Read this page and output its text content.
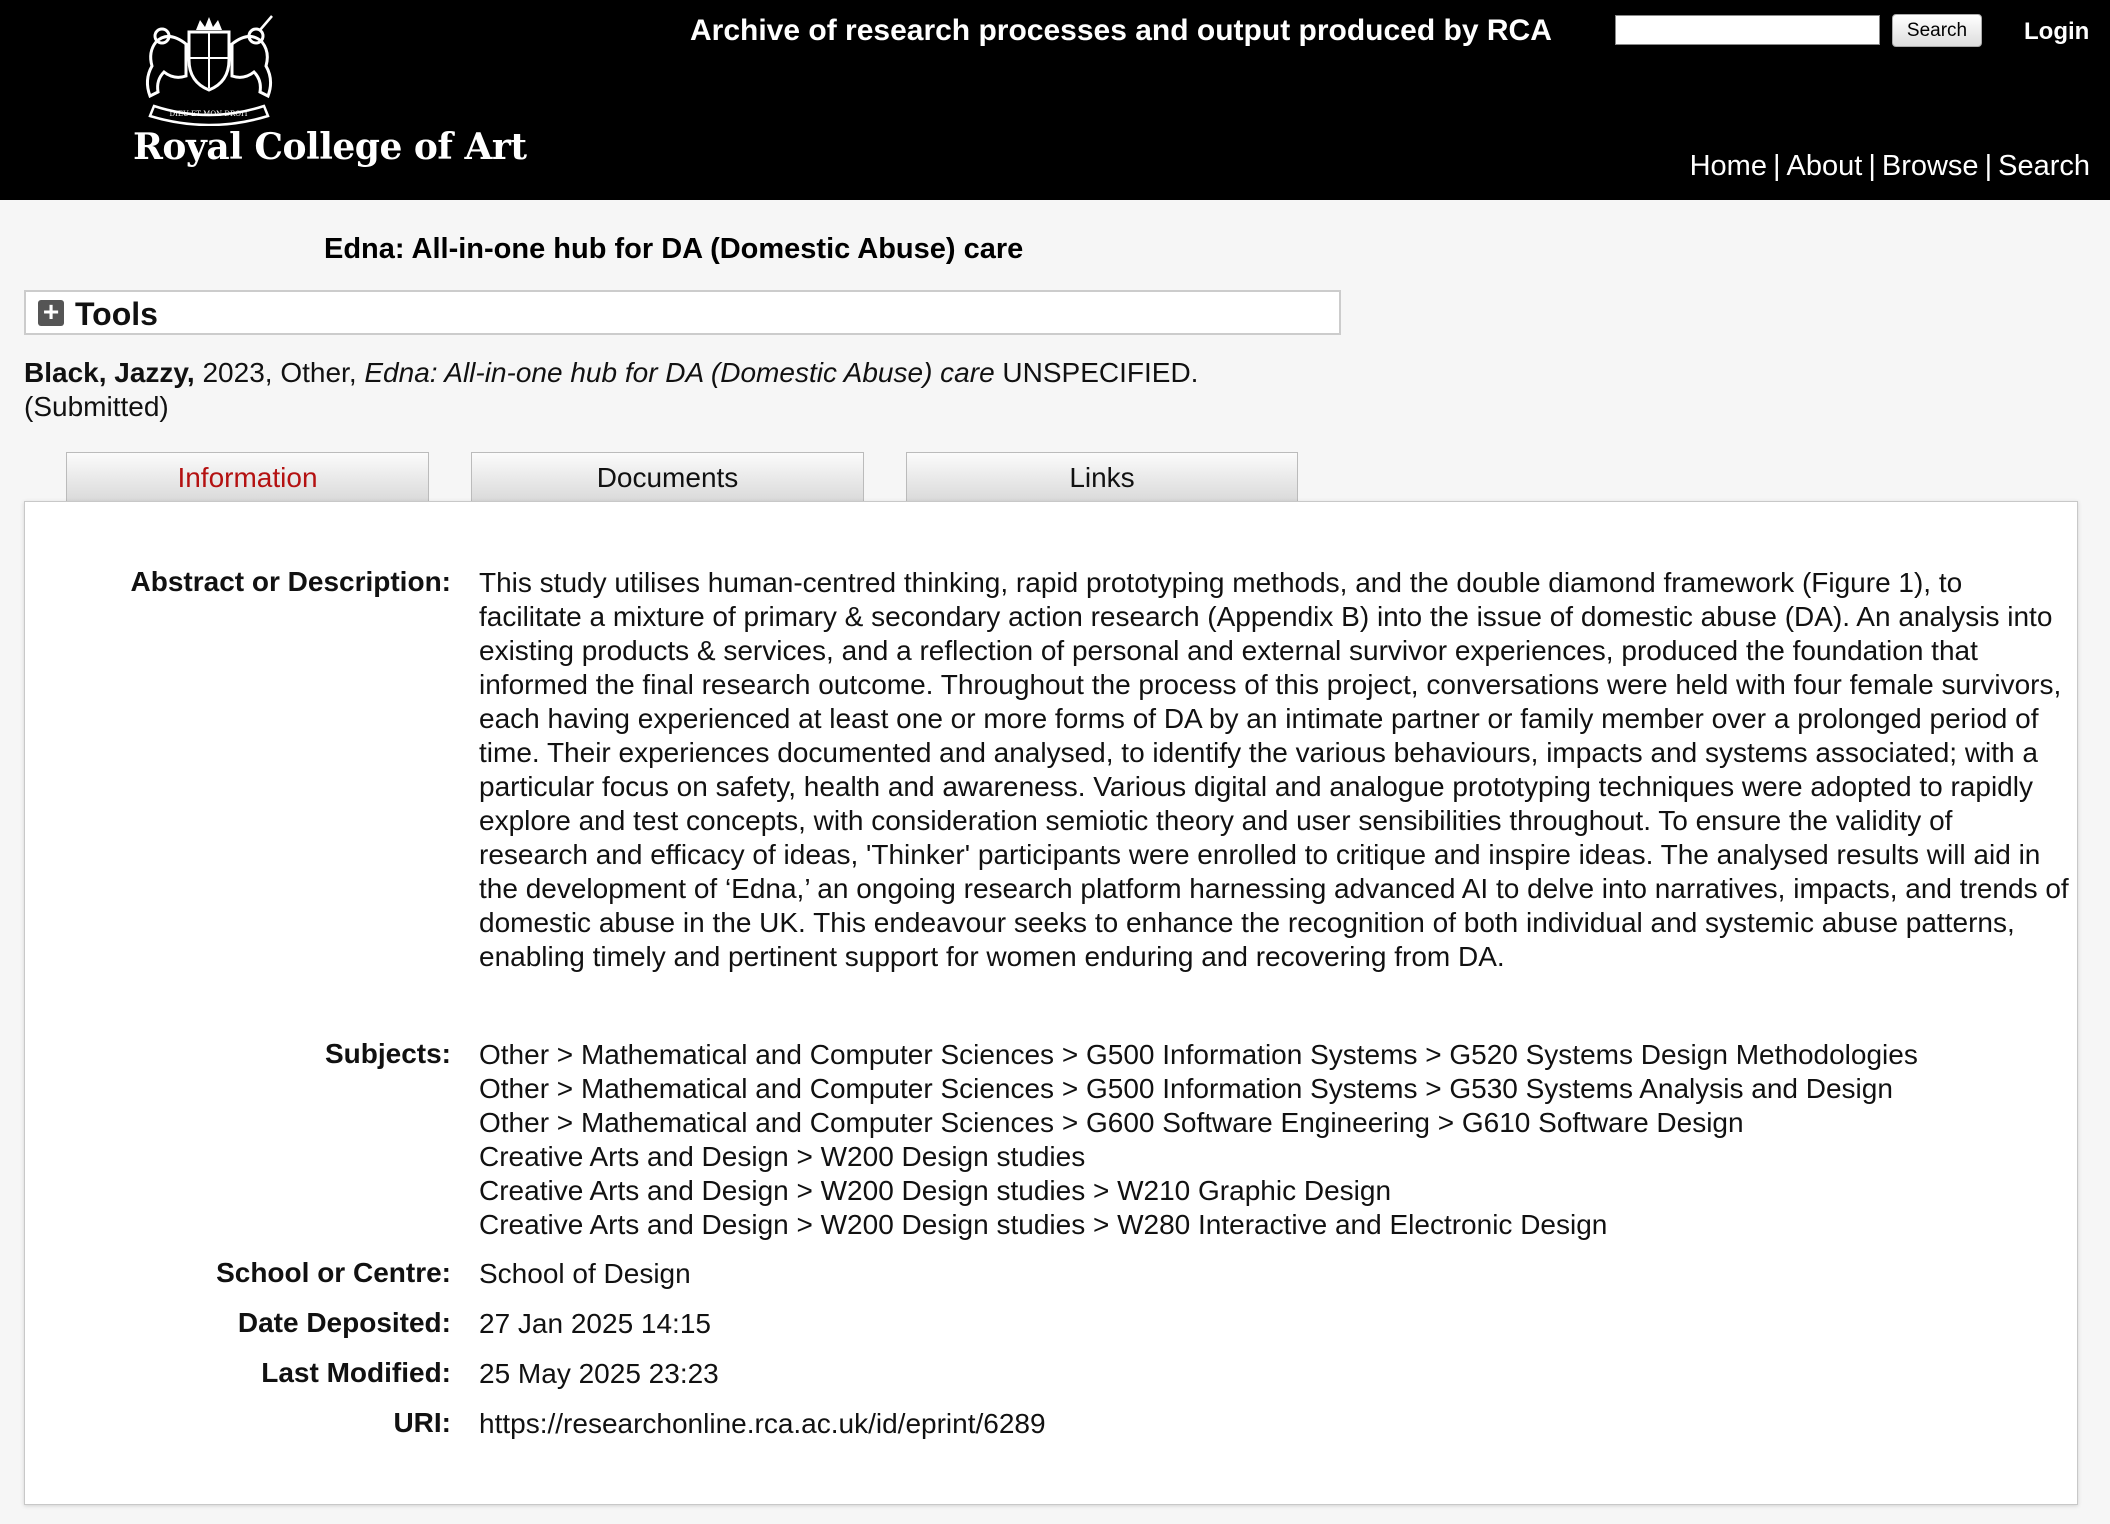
DIEU ET MON DROIT
Royal College of Art
Archive of research processes and output produced by RCA	Search	Login
Home | About | Browse | Search
Edna: All-in-one hub for DA (Domestic Abuse) care
+ Tools
Black, Jazzy, 2023, Other, Edna: All-in-one hub for DA (Domestic Abuse) care UNSPECIFIED.
(Submitted)
Information	Documents	Links
Abstract or Description: This study utilises human-centred thinking, rapid prototyping methods, and the double diamond framework (Figure 1), to facilitate a mixture of primary & secondary action research (Appendix B) into the issue of domestic abuse (DA). An analysis into existing products & services, and a reflection of personal and external survivor experiences, produced the foundation that informed the final research outcome. Throughout the process of this project, conversations were held with four female survivors, each having experienced at least one or more forms of DA by an intimate partner or family member over a prolonged period of time. Their experiences documented and analysed, to identify the various behaviours, impacts and systems associated; with a particular focus on safety, health and awareness. Various digital and analogue prototyping techniques were adopted to rapidly explore and test concepts, with consideration semiotic theory and user sensibilities throughout. To ensure the validity of research and efficacy of ideas, 'Thinker' participants were enrolled to critique and inspire ideas. The analysed results will aid in the development of ‘Edna,’ an ongoing research platform harnessing advanced AI to delve into narratives, impacts, and trends of domestic abuse in the UK. This endeavour seeks to enhance the recognition of both individual and systemic abuse patterns, enabling timely and pertinent support for women enduring and recovering from DA.
Subjects: Other > Mathematical and Computer Sciences > G500 Information Systems > G520 Systems Design Methodologies
Other > Mathematical and Computer Sciences > G500 Information Systems > G530 Systems Analysis and Design
Other > Mathematical and Computer Sciences > G600 Software Engineering > G610 Software Design
Creative Arts and Design > W200 Design studies
Creative Arts and Design > W200 Design studies > W210 Graphic Design
Creative Arts and Design > W200 Design studies > W280 Interactive and Electronic Design
School or Centre: School of Design
Date Deposited: 27 Jan 2025 14:15
Last Modified: 25 May 2025 23:23
URI: https://researchonline.rca.ac.uk/id/eprint/6289
